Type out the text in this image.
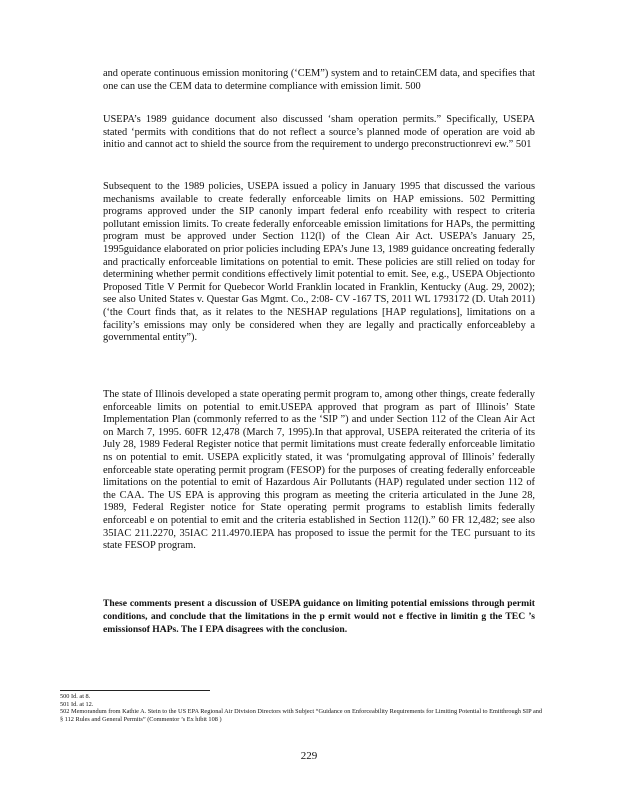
and operate continuous emission monitoring (‘CEM”) system and to retainCEM data, and specifies that one can use the CEM data to determine compliance with emission limit. 500

USEPA’s 1989 guidance document also discussed ‘sham operation permits.” Specifically, USEPA stated ‘permits with conditions that do not reflect a source’s planned mode of operation are void ab initio and cannot act to shield the source from the requirement to undergo preconstructionrevi ew.” 501

Subsequent to the 1989 policies, USEPA issued a policy in January 1995 that discussed the various mechanisms available to create federally enforceable limits on HAP emissions. 502 Permitting programs approved under the SIP canonly impart federal enfo rceability with respect to criteria pollutant emission limits. To create federally enforceable emission limitations for HAPs, the permitting program must be approved under Section 112(l) of the Clean Air Act. USEPA’s January 25, 1995guidance elaborated on prior policies including EPA’s June 13, 1989 guidance oncreating federally and practically enforceable limitations on potential to emit. These policies are still relied on today for determining whether permit conditions effectively limit potential to emit. See, e.g., USEPA Objectionto Proposed Title V Permit for Quebecor World Franklin located in Franklin, Kentucky (Aug. 29, 2002); see also United States v. Questar Gas Mgmt. Co., 2:08- CV -167 TS, 2011 WL 1793172 (D. Utah 2011) (‘the Court finds that, as it relates to the NESHAP regulations [HAP regulations], limitations on a facility’s emissions may only be considered when they are legally and practically enforceableby a governmental entity”).

The state of Illinois developed a state operating permit program to, among other things, create federally enforceable limits on potential to emit.USEPA approved that program as part of Illinois’ State Implementation Plan (commonly referred to as the ‘SIP ”) and under Section 112 of the Clean Air Act on March 7, 1995. 60FR 12,478 (March 7, 1995).In that approval, USEPA reiterated the criteria of its July 28, 1989 Federal Register notice that permit limitations must create federally enforceable limitatio ns on potential to emit. USEPA explicitly stated, it was ‘promulgating approval of Illinois’ federally enforceable state operating permit program (FESOP) for the purposes of creating federally enforceable limitations on the potential to emit of Hazardous Air Pollutants (HAP) regulated under section 112 of the CAA. The US EPA is approving this program as meeting the criteria articulated in the June 28, 1989, Federal Register notice for State operating permit programs to establish limits federally enforceabl e on potential to emit and the criteria established in Section 112(l).” 60 FR 12,482; see also 35IAC 211.2270, 35IAC 211.4970.IEPA has proposed to issue the permit for the TEC pursuant to its state FESOP program.

These comments present a discussion of USEPA guidance on limiting potential emissions through permit conditions, and conclude that the limitations in the p ermit would not e ffective in limitin g the TEC ’s emissionsof HAPs. The I EPA disagrees with the conclusion.

500 Id. at 8.
501 Id. at 12.
502 Memorandum from Kathie A. Stein to the US EPA Regional Air Division Directors with Subject “Guidance on Enforceability Requirements for Limiting Potential to Emitthrough SIP and § 112 Rules and General Permits” (Commentor ’s Ex hibit 108 )
229
